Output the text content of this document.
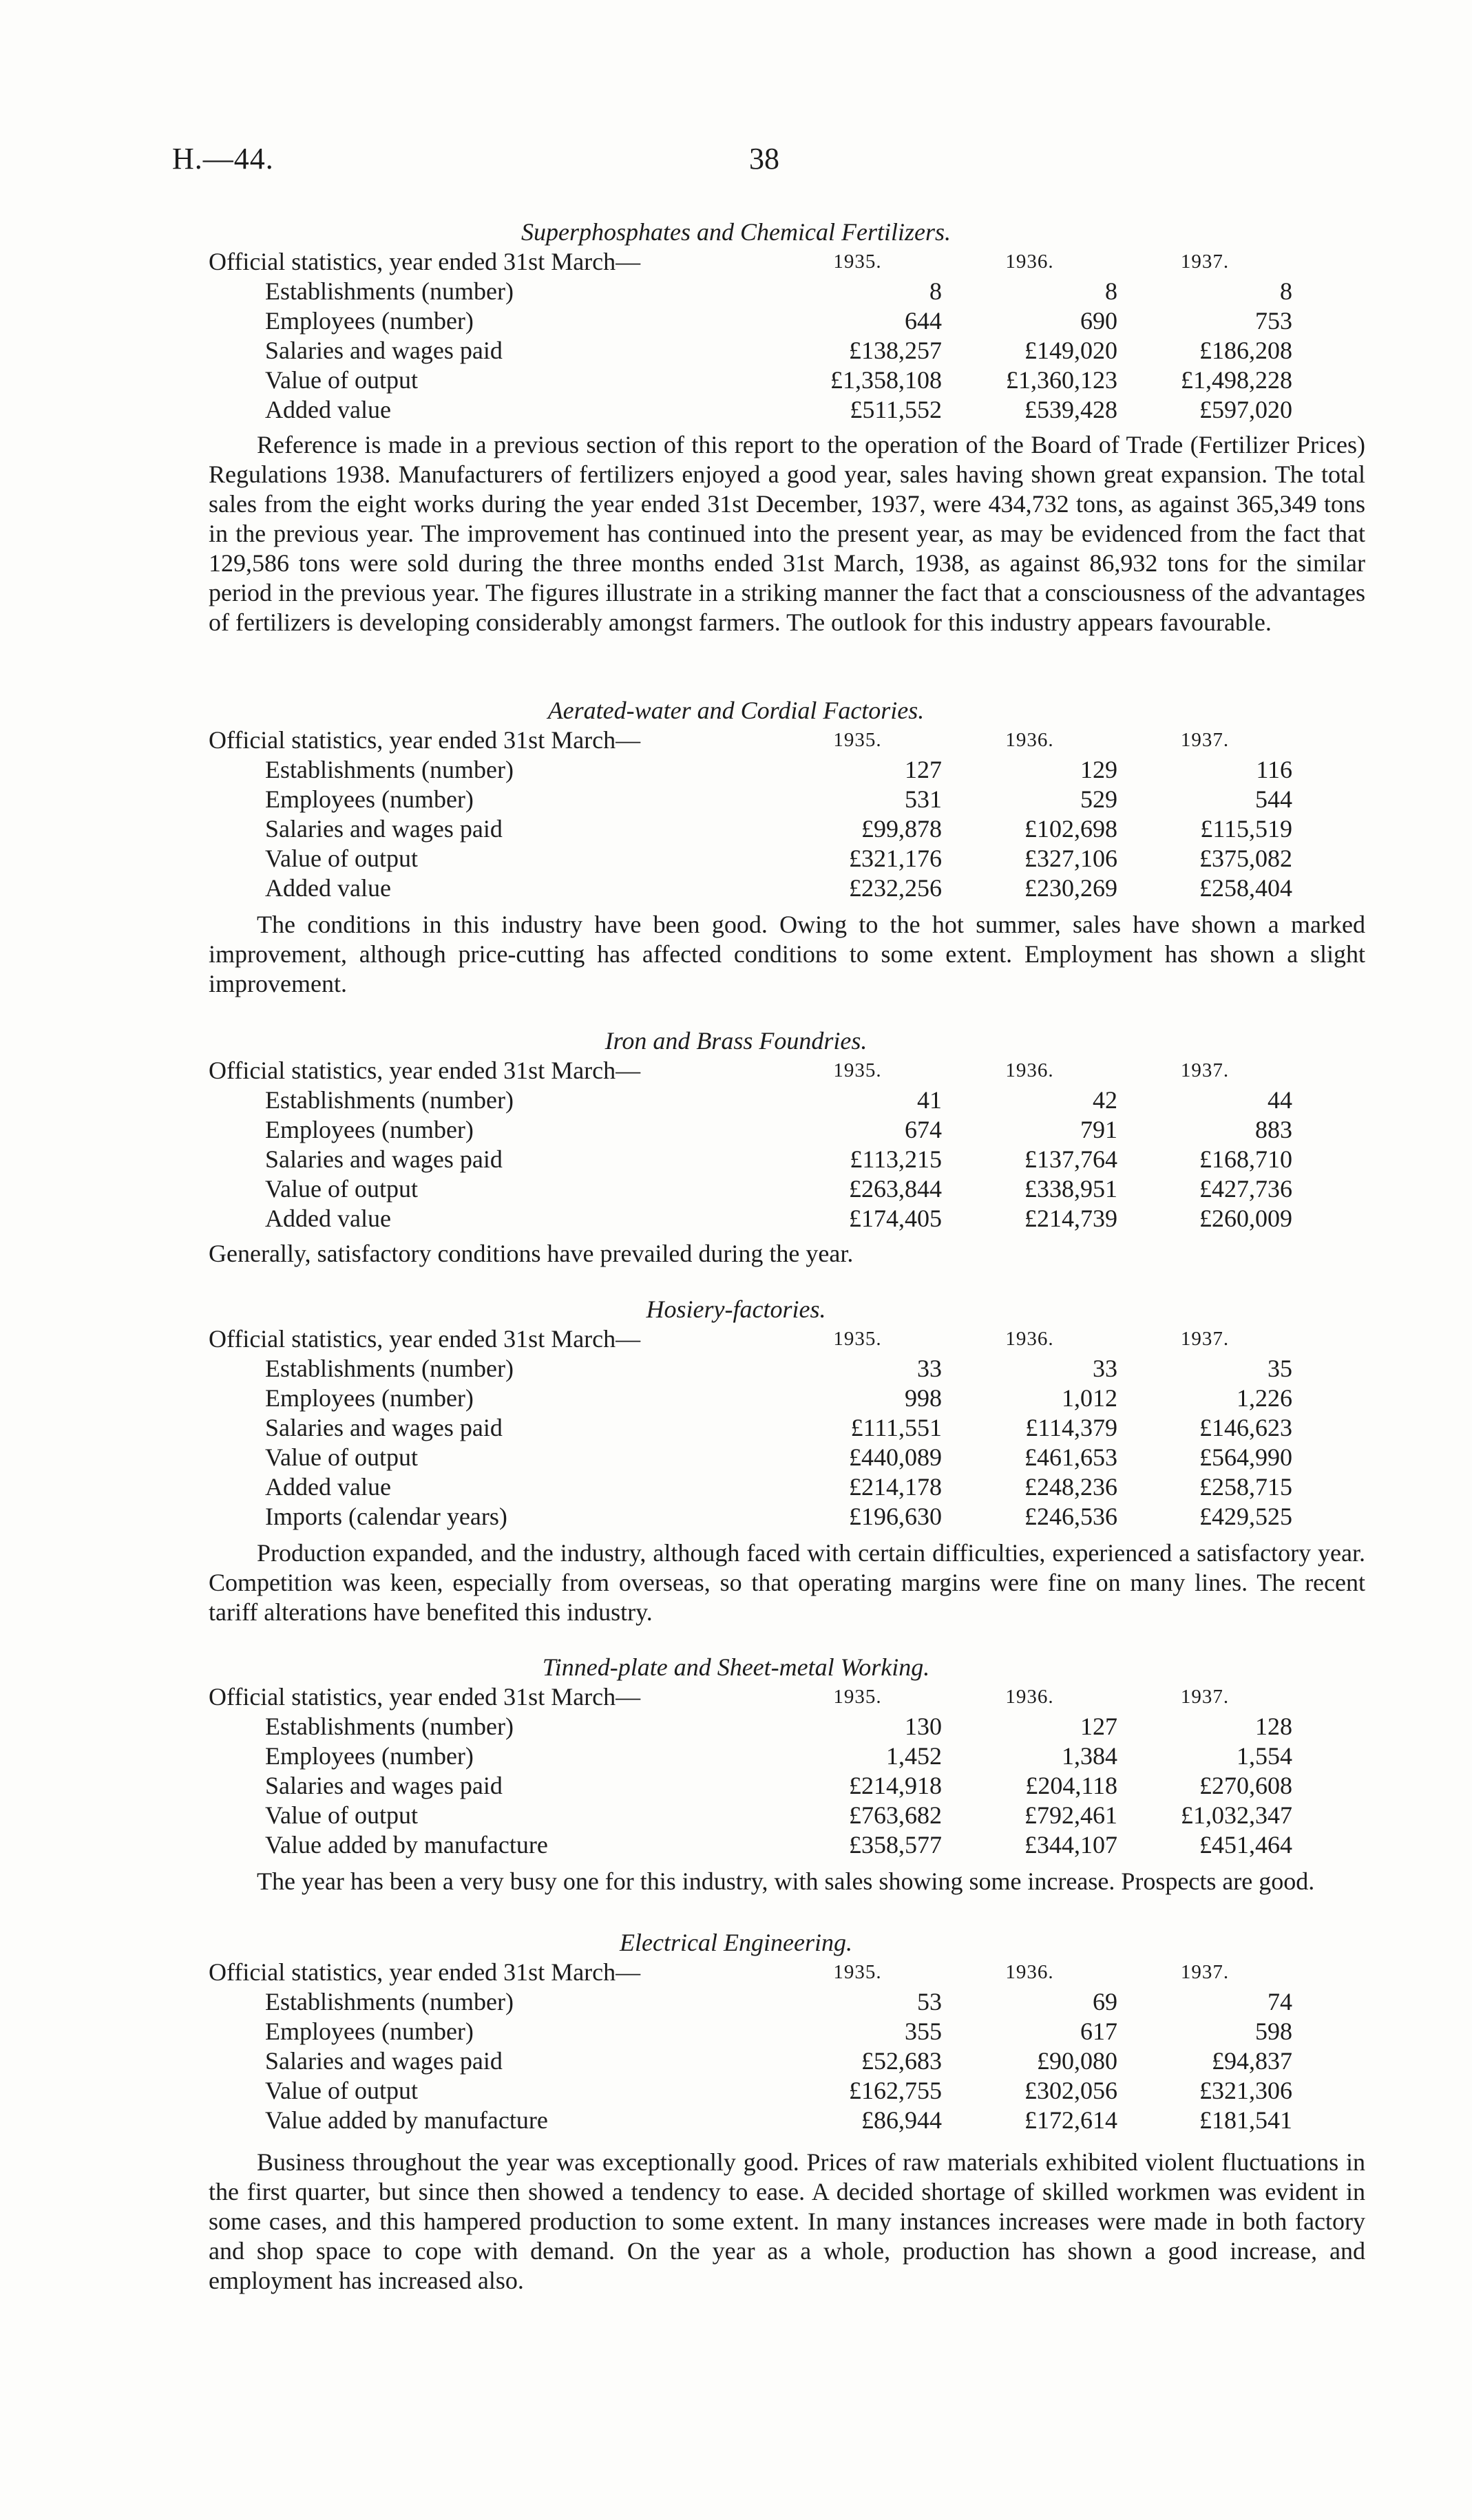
H.—44.	38
Superphosphates and Chemical Fertilizers.
Official statistics, year ended 31st March—	1935.	1936.	1937.
Establishments (number)	8	8	8
Employees (number)	644	690	753
Salaries and wages paid	£138,257	£149,020	£186,208
Value of output	£1,358,108	£1,360,123	£1,498,228
Added value	£511,552	£539,428	£597,020
Reference is made in a previous section of this report to the operation of the Board of Trade (Fertilizer Prices) Regulations 1938. Manufacturers of fertilizers enjoyed a good year, sales having shown great expansion. The total sales from the eight works during the year ended 31st December, 1937, were 434,732 tons, as against 365,349 tons in the previous year. The improvement has continued into the present year, as may be evidenced from the fact that 129,586 tons were sold during the three months ended 31st March, 1938, as against 86,932 tons for the similar period in the previous year. The figures illustrate in a striking manner the fact that a consciousness of the advantages of fertilizers is developing considerably amongst farmers. The outlook for this industry appears favourable.
Aerated-water and Cordial Factories.
Official statistics, year ended 31st March—	1935.	1936.	1937.
Establishments (number)	127	129	116
Employees (number)	531	529	544
Salaries and wages paid	£99,878	£102,698	£115,519
Value of output	£321,176	£327,106	£375,082
Added value	£232,256	£230,269	£258,404
The conditions in this industry have been good. Owing to the hot summer, sales have shown a marked improvement, although price-cutting has affected conditions to some extent. Employment has shown a slight improvement.
Iron and Brass Foundries.
Official statistics, year ended 31st March—	1935.	1936.	1937.
Establishments (number)	41	42	44
Employees (number)	674	791	883
Salaries and wages paid	£113,215	£137,764	£168,710
Value of output	£263,844	£338,951	£427,736
Added value	£174,405	£214,739	£260,009
Generally, satisfactory conditions have prevailed during the year.
Hosiery-factories.
Official statistics, year ended 31st March—	1935.	1936.	1937.
Establishments (number)	33	33	35
Employees (number)	998	1,012	1,226
Salaries and wages paid	£111,551	£114,379	£146,623
Value of output	£440,089	£461,653	£564,990
Added value	£214,178	£248,236	£258,715
Imports (calendar years)	£196,630	£246,536	£429,525
Production expanded, and the industry, although faced with certain difficulties, experienced a satisfactory year. Competition was keen, especially from overseas, so that operating margins were fine on many lines. The recent tariff alterations have benefited this industry.
Tinned-plate and Sheet-metal Working.
Official statistics, year ended 31st March—	1935.	1936.	1937.
Establishments (number)	130	127	128
Employees (number)	1,452	1,384	1,554
Salaries and wages paid	£214,918	£204,118	£270,608
Value of output	£763,682	£792,461	£1,032,347
Value added by manufacture	£358,577	£344,107	£451,464
The year has been a very busy one for this industry, with sales showing some increase. Prospects are good.
Electrical Engineering.
Official statistics, year ended 31st March—	1935.	1936.	1937.
Establishments (number)	53	69	74
Employees (number)	355	617	598
Salaries and wages paid	£52,683	£90,080	£94,837
Value of output	£162,755	£302,056	£321,306
Value added by manufacture	£86,944	£172,614	£181,541
Business throughout the year was exceptionally good. Prices of raw materials exhibited violent fluctuations in the first quarter, but since then showed a tendency to ease. A decided shortage of skilled workmen was evident in some cases, and this hampered production to some extent. In many instances increases were made in both factory and shop space to cope with demand. On the year as a whole, production has shown a good increase, and employment has increased also.
